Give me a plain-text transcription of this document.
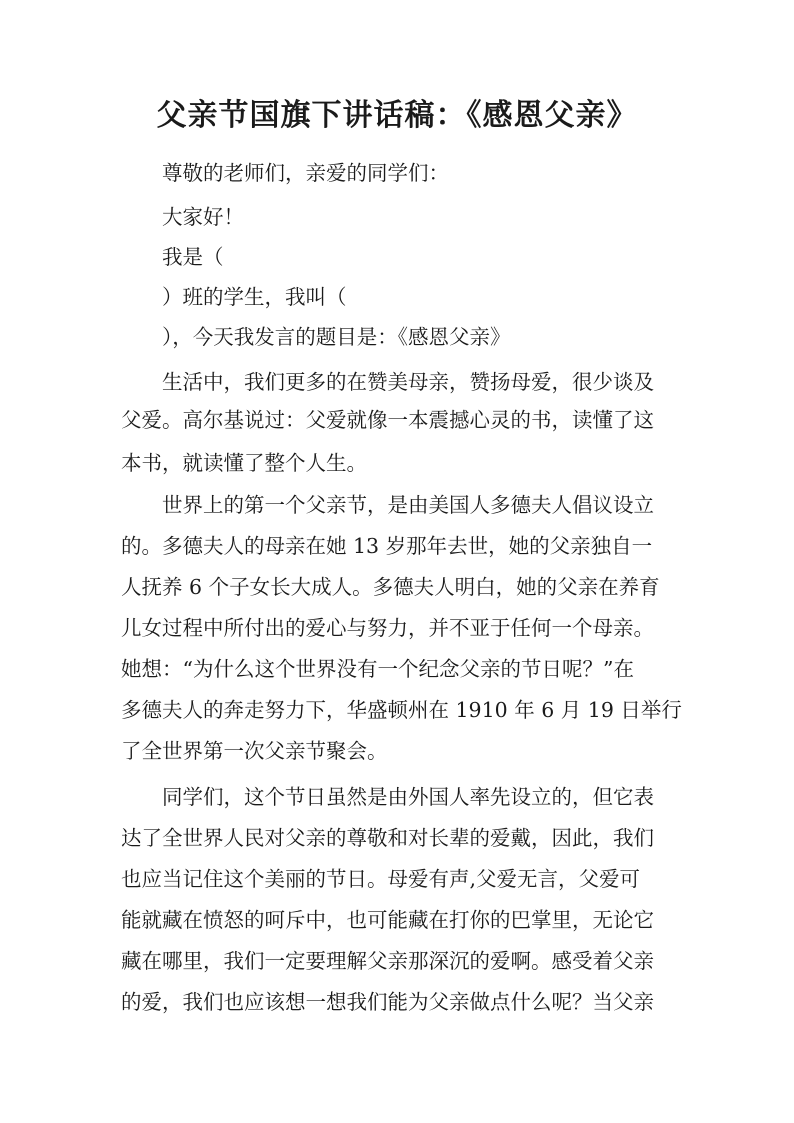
父亲节国旗下讲话稿：《感恩父亲》

尊敬的老师们，亲爱的同学们：

大家好！

我是（

）班的学生，我叫（

），今天我发言的题目是：《感恩父亲》

生活中，我们更多的在赞美母亲，赞扬母爱，很少谈及

父爱。高尔基说过：父爱就像一本震撼心灵的书，读懂了这

本书，就读懂了整个人生。

世界上的第一个父亲节，是由美国人多德夫人倡议设立

的。多德夫人的母亲在她 13 岁那年去世，她的父亲独自一

人抚养 6 个子女长大成人。多德夫人明白，她的父亲在养育

儿女过程中所付出的爱心与努力，并不亚于任何一个母亲。

她想：“为什么这个世界没有一个纪念父亲的节日呢？”在

多德夫人的奔走努力下，华盛顿州在 1910 年 6 月 19 日举行

了全世界第一次父亲节聚会。

同学们，这个节日虽然是由外国人率先设立的，但它表

达了全世界人民对父亲的尊敬和对长辈的爱戴，因此，我们

也应当记住这个美丽的节日。母爱有声,父爱无言，父爱可

能就藏在愤怒的呵斥中，也可能藏在打你的巴掌里，无论它

藏在哪里，我们一定要理解父亲那深沉的爱啊。感受着父亲

的爱，我们也应该想一想我们能为父亲做点什么呢？当父亲
